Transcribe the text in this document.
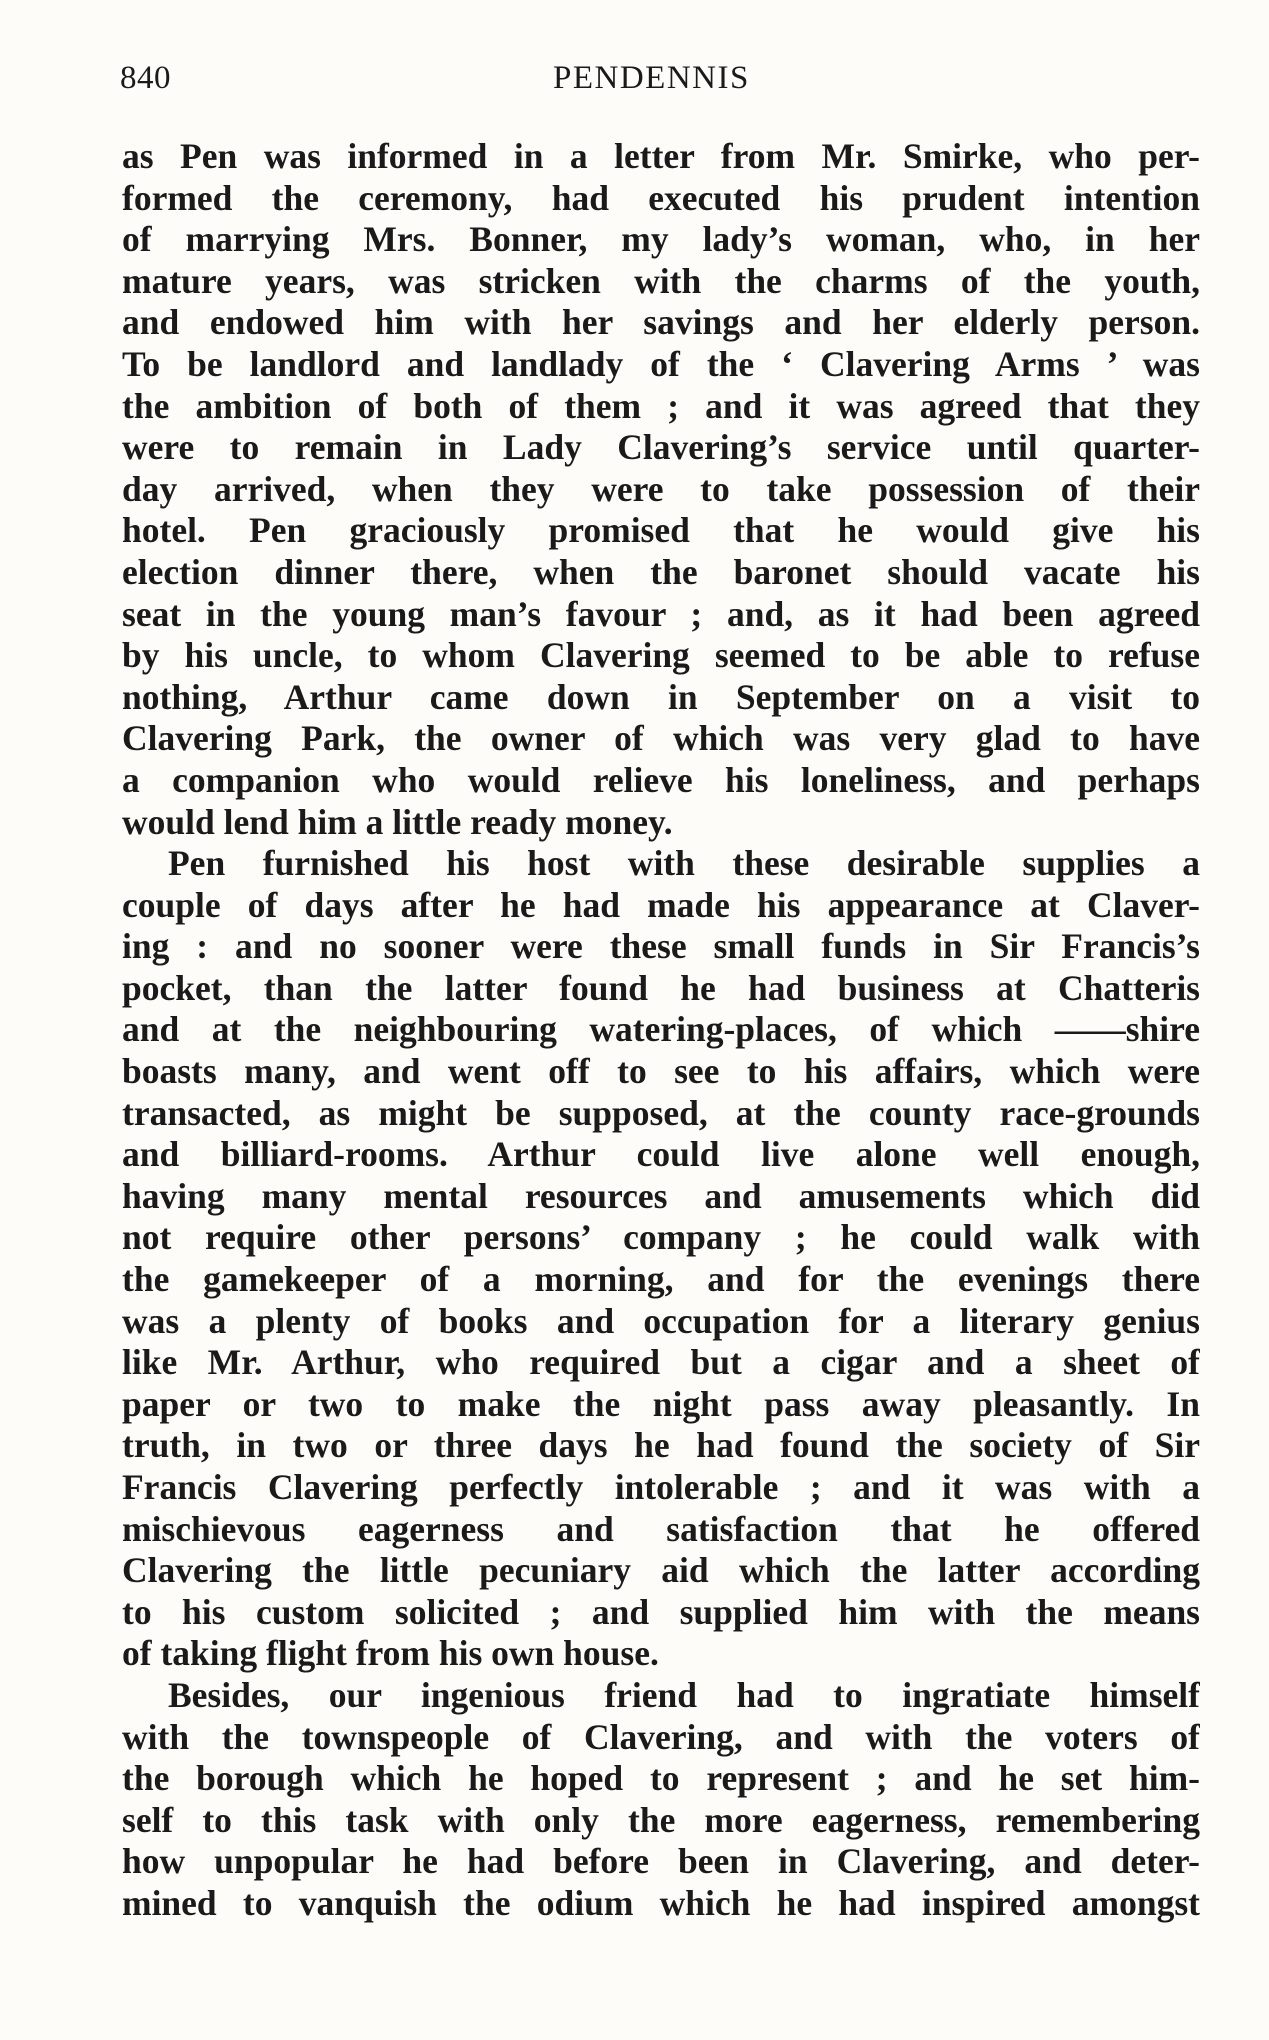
840	PENDENNIS
as Pen was informed in a letter from Mr. Smirke, who per-
formed the ceremony, had executed his prudent intention
of marrying Mrs. Bonner, my lady’s woman, who, in her
mature years, was stricken with the charms of the youth,
and endowed him with her savings and her elderly person.
To be landlord and landlady of the ‘ Clavering Arms ’ was
the ambition of both of them ; and it was agreed that they
were to remain in Lady Clavering’s service until quarter-
day arrived, when they were to take possession of their
hotel. Pen graciously promised that he would give his
election dinner there, when the baronet should vacate his
seat in the young man’s favour ; and, as it had been agreed
by his uncle, to whom Clavering seemed to be able to refuse
nothing, Arthur came down in September on a visit to
Clavering Park, the owner of which was very glad to have
a companion who would relieve his loneliness, and perhaps
would lend him a little ready money.
Pen furnished his host with these desirable supplies a
couple of days after he had made his appearance at Claver-
ing : and no sooner were these small funds in Sir Francis’s
pocket, than the latter found he had business at Chatteris
and at the neighbouring watering-places, of which ——shire
boasts many, and went off to see to his affairs, which were
transacted, as might be supposed, at the county race-grounds
and billiard-rooms. Arthur could live alone well enough,
having many mental resources and amusements which did
not require other persons’ company ; he could walk with
the gamekeeper of a morning, and for the evenings there
was a plenty of books and occupation for a literary genius
like Mr. Arthur, who required but a cigar and a sheet of
paper or two to make the night pass away pleasantly. In
truth, in two or three days he had found the society of Sir
Francis Clavering perfectly intolerable ; and it was with a
mischievous eagerness and satisfaction that he offered
Clavering the little pecuniary aid which the latter according
to his custom solicited ; and supplied him with the means
of taking flight from his own house.
Besides, our ingenious friend had to ingratiate himself
with the townspeople of Clavering, and with the voters of
the borough which he hoped to represent ; and he set him-
self to this task with only the more eagerness, remembering
how unpopular he had before been in Clavering, and deter-
mined to vanquish the odium which he had inspired amongst
